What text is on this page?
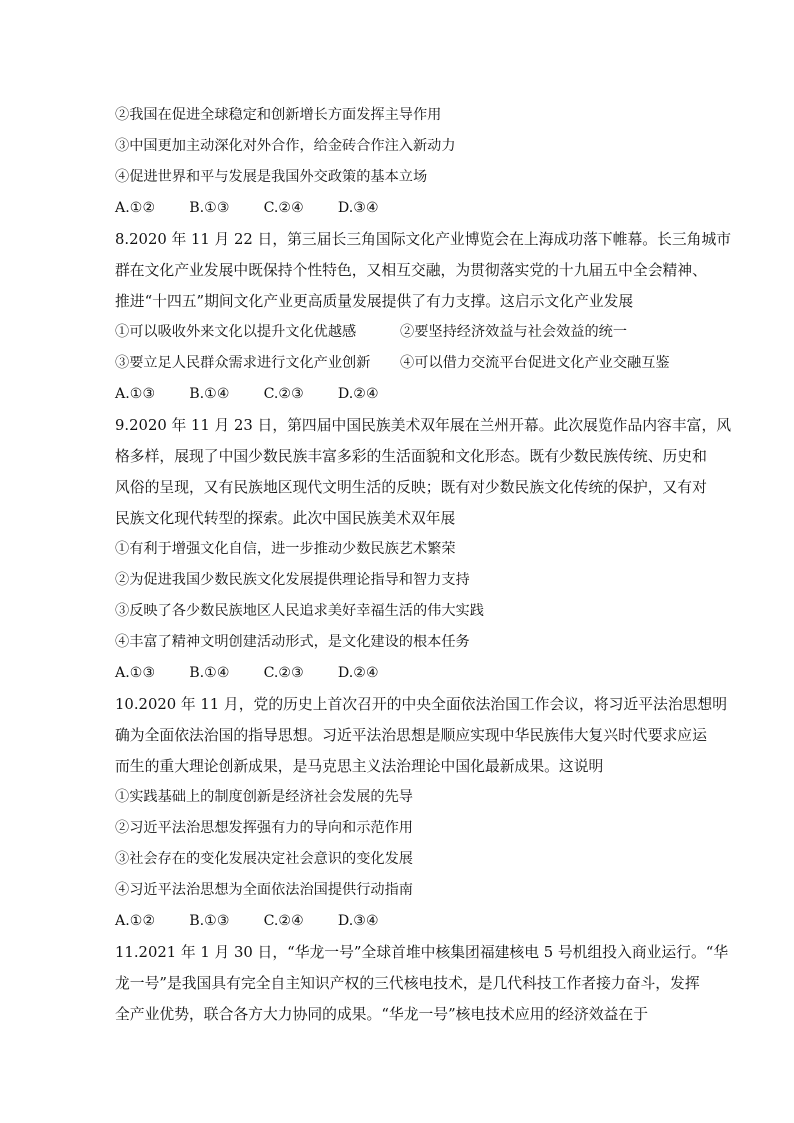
②我国在促进全球稳定和创新增长方面发挥主导作用
③中国更加主动深化对外合作，给金砖合作注入新动力
④促进世界和平与发展是我国外交政策的基本立场
A.①② B.①③ C.②④ D.③④
8.2020 年 11 月 22 日，第三届长三角国际文化产业博览会在上海成功落下帷幕。长三角城市
群在文化产业发展中既保持个性特色，又相互交融，为贯彻落实党的十九届五中全会精神、
推进“十四五”期间文化产业更高质量发展提供了有力支撑。这启示文化产业发展
①可以吸收外来文化以提升文化优越感	②要坚持经济效益与社会效益的统一
③要立足人民群众需求进行文化产业创新 ④可以借力交流平台促进文化产业交融互鉴
A.①③ B.①④ C.②③ D.②④
9.2020 年 11 月 23 日，第四届中国民族美术双年展在兰州开幕。此次展览作品内容丰富，风
格多样，展现了中国少数民族丰富多彩的生活面貌和文化形态。既有少数民族传统、历史和
风俗的呈现，又有民族地区现代文明生活的反映；既有对少数民族文化传统的保护，又有对
民族文化现代转型的探索。此次中国民族美术双年展
①有利于增强文化自信，进一步推动少数民族艺术繁荣
②为促进我国少数民族文化发展提供理论指导和智力支持
③反映了各少数民族地区人民追求美好幸福生活的伟大实践
④丰富了精神文明创建活动形式，是文化建设的根本任务
A.①③ B.①④ C.②③ D.②④
10.2020 年 11 月，党的历史上首次召开的中央全面依法治国工作会议，将习近平法治思想明
确为全面依法治国的指导思想。习近平法治思想是顺应实现中华民族伟大复兴时代要求应运
而生的重大理论创新成果，是马克思主义法治理论中国化最新成果。这说明
①实践基础上的制度创新是经济社会发展的先导
②习近平法治思想发挥强有力的导向和示范作用
③社会存在的变化发展决定社会意识的变化发展
④习近平法治思想为全面依法治国提供行动指南
A.①② B.①③ C.②④ D.③④
11.2021 年 1 月 30 日，“华龙一号”全球首堆中核集团福建核电 5 号机组投入商业运行。“华
龙一号”是我国具有完全自主知识产权的三代核电技术，是几代科技工作者接力奋斗，发挥
全产业优势，联合各方大力协同的成果。“华龙一号”核电技术应用的经济效益在于
